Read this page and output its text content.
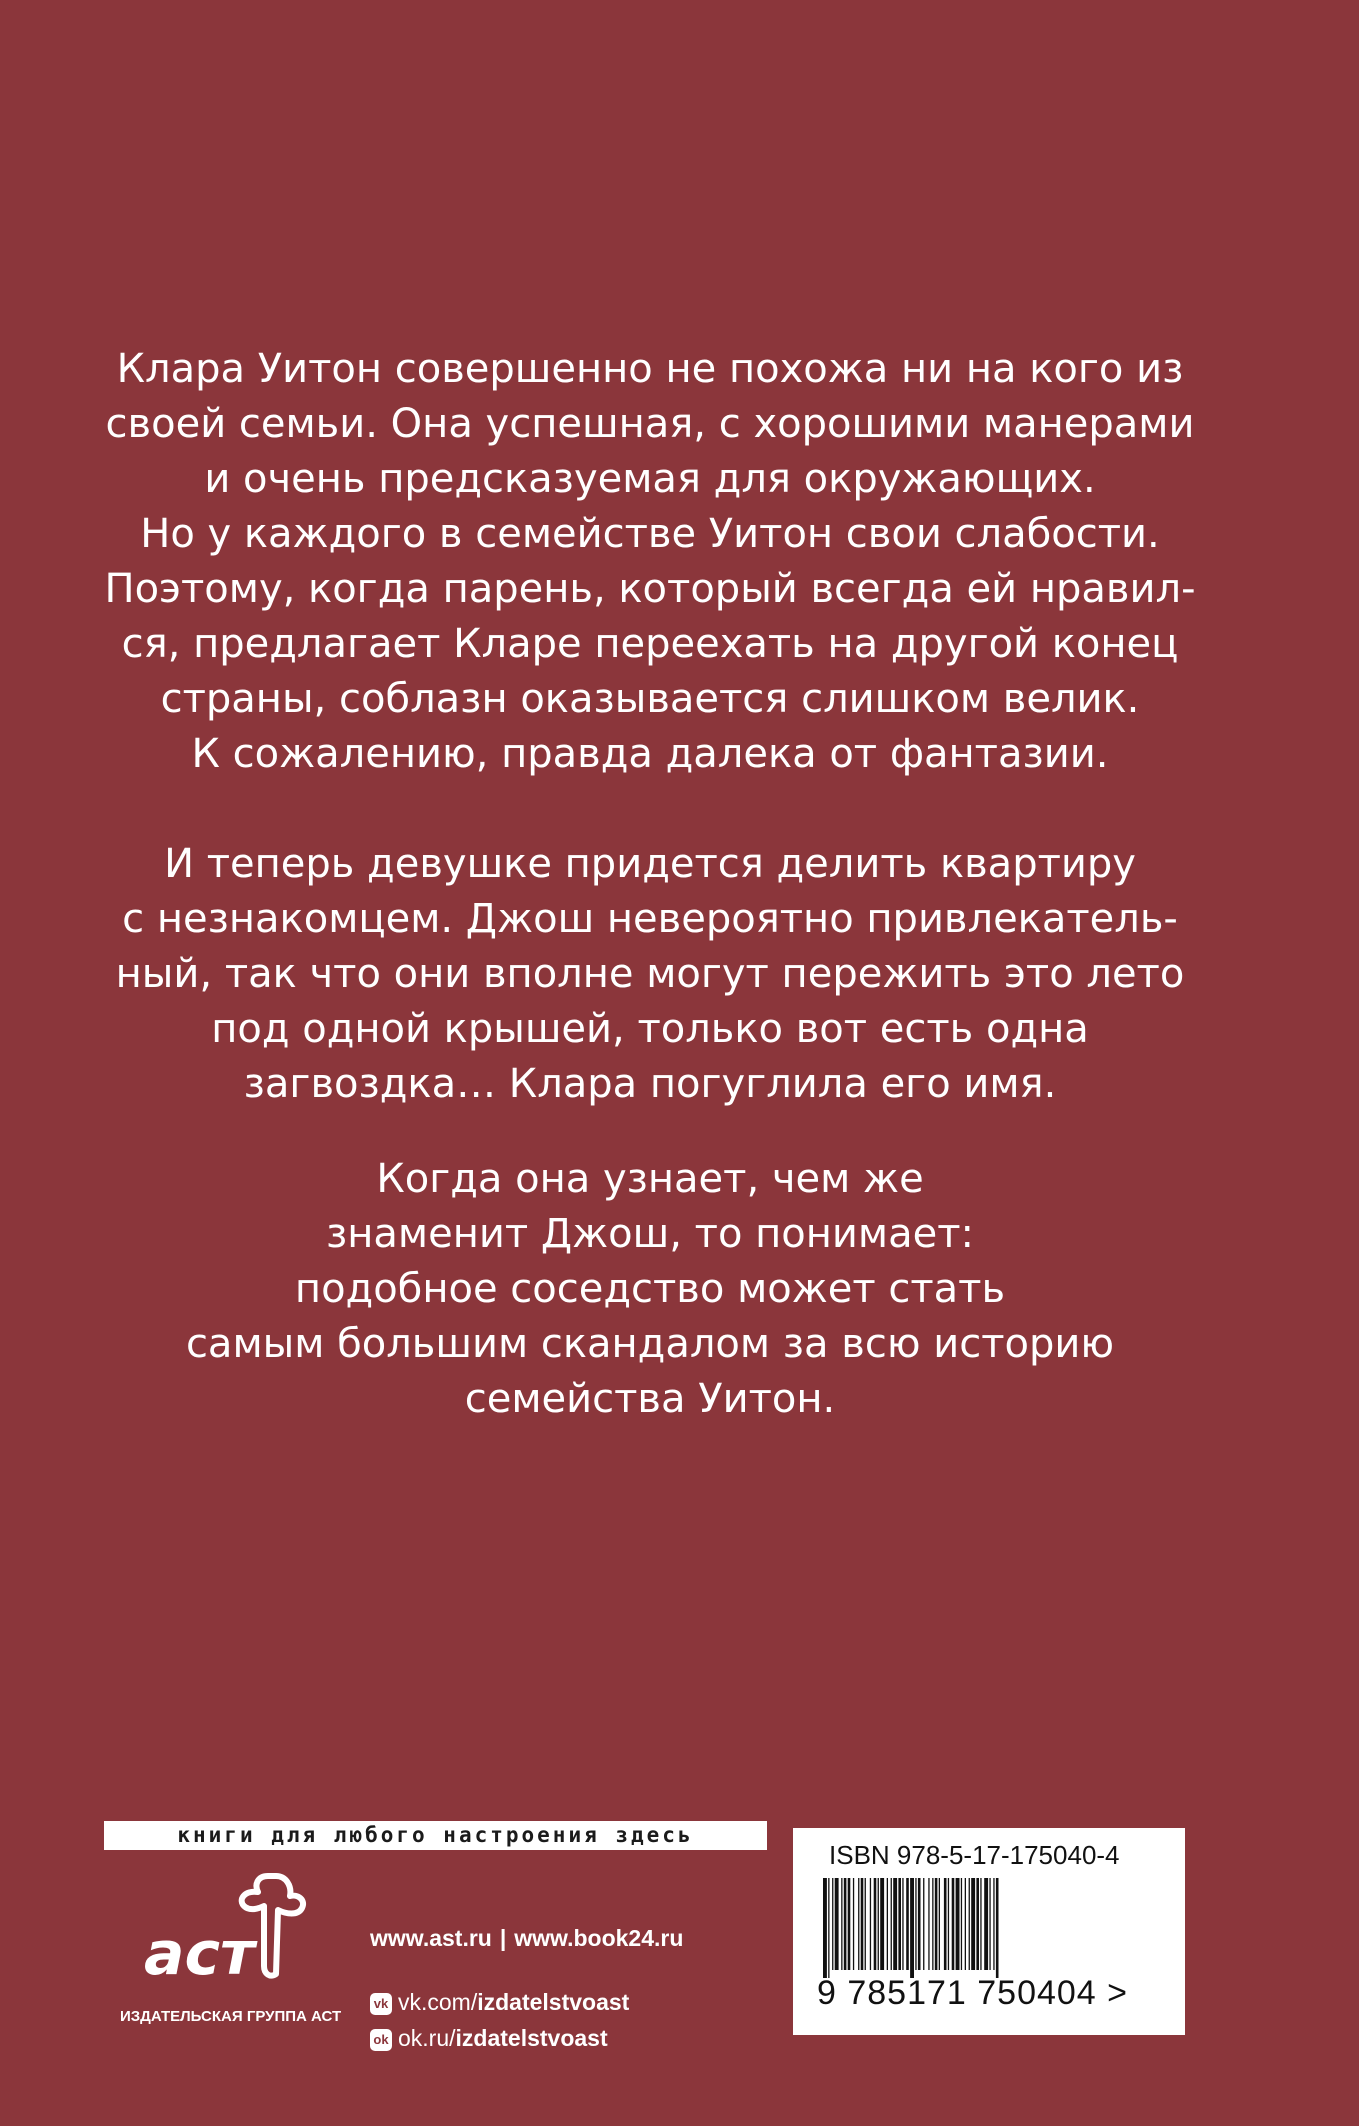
Клара Уитон совершенно не похожа ни на кого из
своей семьи. Она успешная, с хорошими манерами
и очень предсказуемая для окружающих.
Но у каждого в семействе Уитон свои слабости.
Поэтому, когда парень, который всегда ей нравил-
ся, предлагает Кларе переехать на другой конец
страны, соблазн оказывается слишком велик.
К сожалению, правда далека от фантазии.
И теперь девушке придется делить квартиру
с незнакомцем. Джош невероятно привлекатель-
ный, так что они вполне могут пережить это лето
под одной крышей, только вот есть одна
загвоздка… Клара погуглила его имя.
Когда она узнает, чем же
знаменит Джош, то понимает:
подобное соседство может стать
самым большим скандалом за всю историю
семейства Уитон.
книги для любого настроения здесь
аст
ИЗДАТЕЛЬСКАЯ ГРУППА АСТ
www.ast.ru | www.book24.ru
vk vk.com/izdatelstvoast
ok ok.ru/izdatelstvoast
ISBN 978-5-17-175040-4
9 785171 750404 >
